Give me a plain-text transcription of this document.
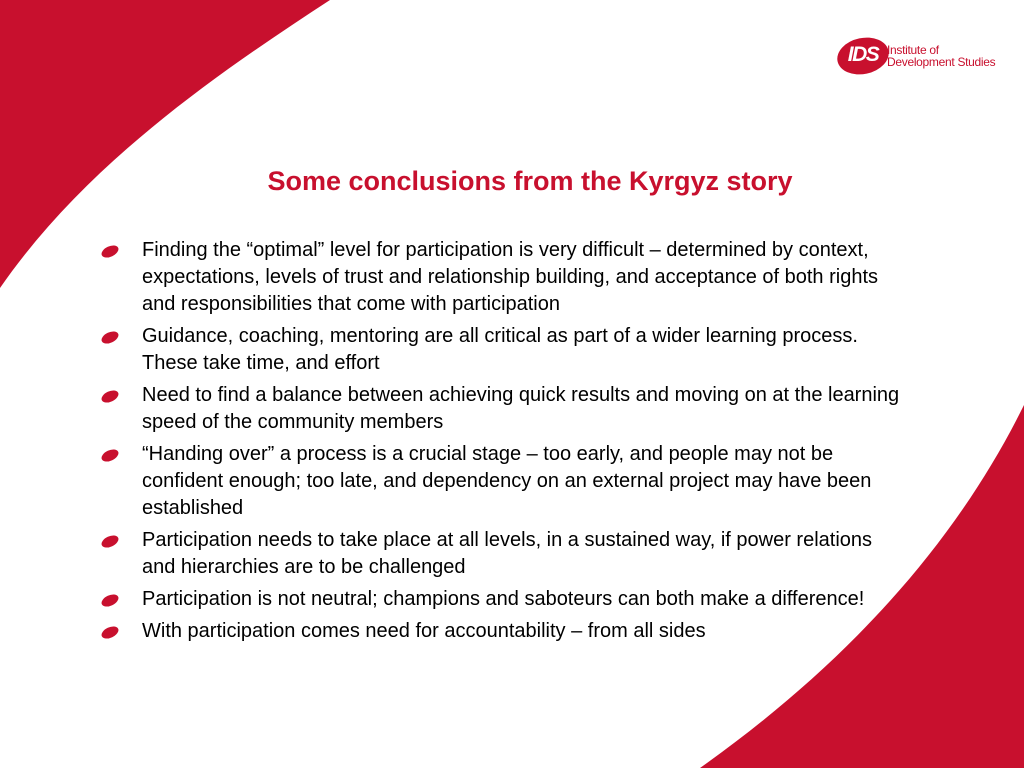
IDS Institute of
Development Studies
Some conclusions from the Kyrgyz story
Finding the “optimal” level for participation is very difficult – determined by context, expectations, levels of trust and relationship building, and acceptance of both rights and responsibilities that come with participation
Guidance, coaching, mentoring are all critical as part of a wider learning process. These take time, and effort
Need to find a balance between achieving quick results and moving on at the learning speed of the community members
“Handing over” a process is a crucial stage – too early, and people may not be confident enough; too late, and dependency on an external project may have been established
Participation needs to take place at all levels, in a sustained way, if power relations and hierarchies are to be challenged
Participation is not neutral; champions and saboteurs can both make a difference!
With participation comes need for accountability – from all sides
